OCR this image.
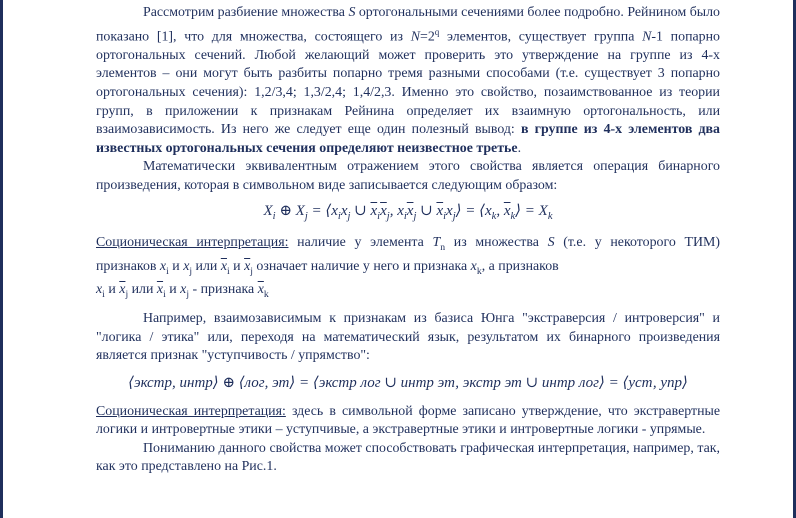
Рассмотрим разбиение множества S ортогональными сечениями более подробно. Рейнином было показано [1], что для множества, состоящего из $N=2^q$ элементов, существует группа N-1 попарно ортогональных сечений. Любой желающий может проверить это утверждение на группе из 4-х элементов – они могут быть разбиты попарно тремя разными способами (т.е. существует 3 попарно ортогональных сечения): 1,2/3,4; 1,3/2,4; 1,4/2,3. Именно это свойство, позаимствованное из теории групп, в приложении к признакам Рейнина определяет их взаимную ортогональность, или взаимозависимость. Из него же следует еще один полезный вывод: в группе из 4-х элементов два известных ортогональных сечения определяют неизвестное третье.

Математически эквивалентным отражением этого свойства является операция бинарного произведения, которая в символьном виде записывается следующим образом:

$X_i$ ⊕ $X_j$ = $⟨x_ix_j$ ∪ $\overline{x}_i\overline{x}_j$, $x_i\overline{x}_j$ ∪ $\overline{x}_ix_j⟩$ = $⟨x_k$, $\overline{x}_k⟩ = X_k$

Соционическая интерпретация: наличие у элемента $T_n$ из множества S (т.е. у некоторого ТИМ) признаков $x_i$ и $x_j$ или $\overline{x}_i$ и $\overline{x}_j$ означает наличие у него и признака $x_k$, а признаков
$x_i$ и $\overline{x}_j$ или $\overline{x}_i$ и $x_j$ - признака $\overline{x}_k$

Например, взаимозависимым к признакам из базиса Юнга "экстраверсия / интроверсия" и "логика / этика" или, переходя на математический язык, результатом их бинарного произведения является признак "уступчивость / упрямство":

⟨экстр, интр⟩ ⊕ ⟨лог, эт⟩ = ⟨экстр лог ∪ интр эт, экстр эт ∪ интр лог⟩ = ⟨уст, упр⟩

Соционическая интерпретация: здесь в символьной форме записано утверждение, что экстравертные логики и интровертные этики – уступчивые, а экстравертные этики и интровертные логики - упрямые.

Пониманию данного свойства может способствовать графическая интерпретация, например, так, как это представлено на Рис.1.
